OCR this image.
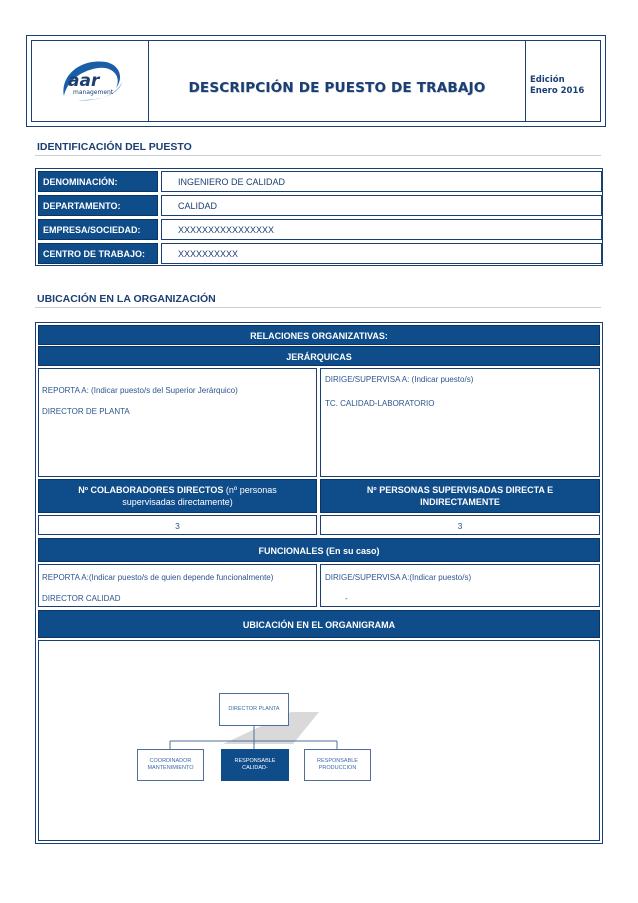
aar
management	DESCRIPCIÓN DE PUESTO DE TRABAJO	Edición
Enero 2016
IDENTIFICACIÓN DEL PUESTO
DENOMINACIÓN:	INGENIERO DE CALIDAD
DEPARTAMENTO:	CALIDAD
EMPRESA/SOCIEDAD:	XXXXXXXXXXXXXXXX
CENTRO DE TRABAJO:	XXXXXXXXXX
UBICACIÓN EN LA ORGANIZACIÓN
RELACIONES ORGANIZATIVAS:
JERÁRQUICAS
REPORTA A: (Indicar puesto/s del Superior Jerárquico)
DIRECTOR DE PLANTA
DIRIGE/SUPERVISA A: (Indicar puesto/s)
TC. CALIDAD-LABORATORIO
Nº COLABORADORES DIRECTOS (nº personas
supervisadas directamente)
Nº PERSONAS SUPERVISADAS DIRECTA E
INDIRECTAMENTE
3	3
FUNCIONALES (En su caso)
REPORTA A:(Indicar puesto/s de quien depende funcionalmente)
DIRECTOR CALIDAD
DIRIGE/SUPERVISA A:(Indicar puesto/s)
-
UBICACIÓN EN EL ORGANIGRAMA
DIRECTOR PLANTA
COORDINADOR
MANTENIMIENTO
RESPONSABLE CALIDAD-
RESPONSABLE
PRODUCCION
